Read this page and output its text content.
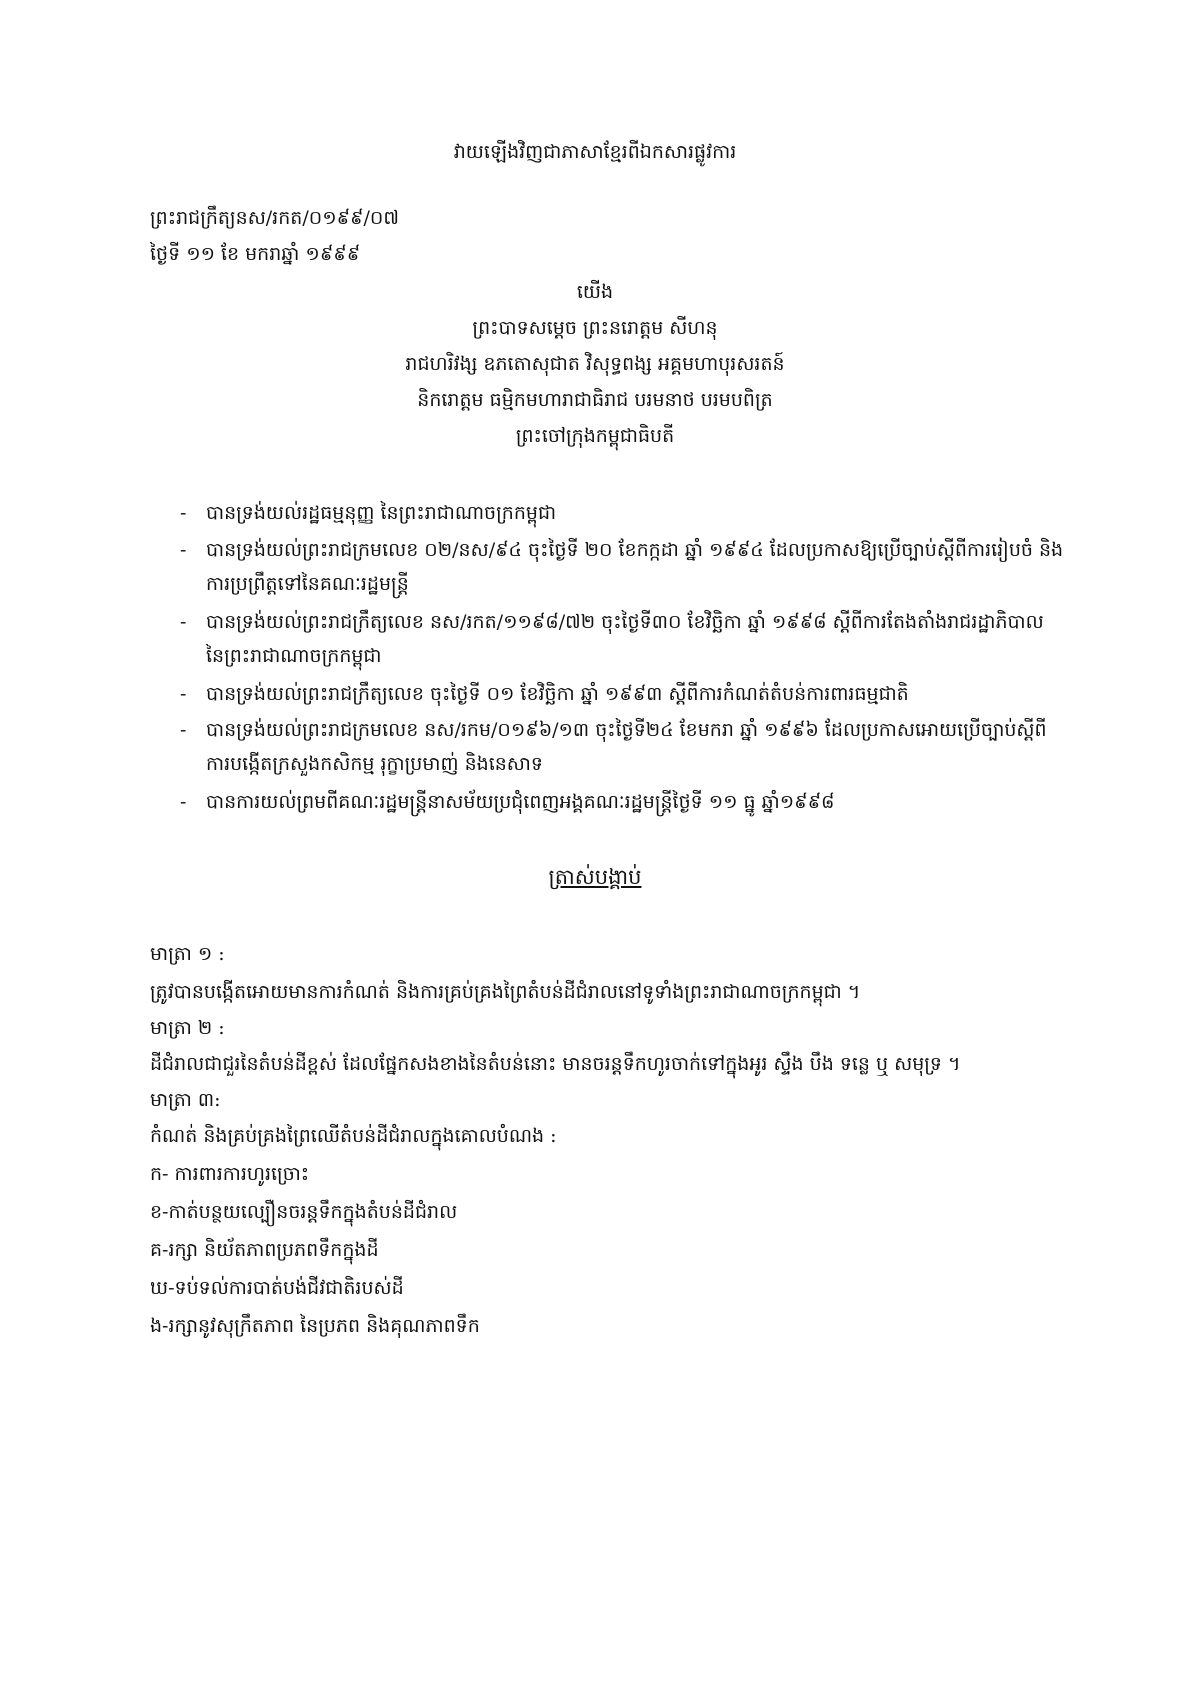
វាយឡើងវិញជាភាសាខ្មែរពីឯកសារផ្លូវការ
ព្រះរាជក្រឹត្យនស/រកត/០១៩៩/០៧
ថ្ងៃទី ១១ ខែ មករាឆ្នាំ ១៩៩៩
យើង
ព្រះបាទសម្តេច ព្រះនរោត្តម សីហនុ
រាជហរិវង្ស ឧភតោសុជាត វិសុទ្ធពង្ស អគ្គមហាបុរសរតន៍
និករោត្តម ធម្មិកមហារាជាធិរាជ បរមនាថ បរមបពិត្រ
ព្រះចៅក្រុងកម្ពុជាធិបតី
- បានទ្រង់យល់រដ្ឋធម្មនុញ្ញ នៃព្រះរាជាណាចក្រកម្ពុជា
- បានទ្រង់យល់ព្រះរាជក្រមលេខ ០២/នស/៩៤ ចុះថ្ងៃទី ២០ ខែកក្កដា ឆ្នាំ ១៩៩៤ ដែលប្រកាសឱ្យប្រើច្បាប់ស្តីពីការរៀបចំ និង
ការប្រព្រឹត្តទៅនៃគណៈរដ្ឋមន្ត្រី
- បានទ្រង់យល់ព្រះរាជក្រឹត្យលេខ នស/រកត/១១៩៨/៧២ ចុះថ្ងៃទី៣០ ខែវិច្ឆិកា ឆ្នាំ ១៩៩៨ ស្តីពីការតែងតាំងរាជរដ្ឋាភិបាល
នៃព្រះរាជាណាចក្រកម្ពុជា
- បានទ្រង់យល់ព្រះរាជក្រឹត្យលេខ ចុះថ្ងៃទី ០១ ខែវិច្ឆិកា ឆ្នាំ ១៩៩៣ ស្តីពីការកំណត់តំបន់ការពារធម្មជាតិ
- បានទ្រង់យល់ព្រះរាជក្រមលេខ នស/រកម/០១៩៦/១៣ ចុះថ្ងៃទី២៤ ខែមករា ឆ្នាំ ១៩៩៦ ដែលប្រកាសអោយប្រើច្បាប់ស្តីពី
ការបង្កើតក្រសួងកសិកម្ម រុក្ខាប្រមាញ់ និងនេសាទ
- បានការយល់ព្រមពីគណៈរដ្ឋមន្ត្រីនាសម័យប្រជុំពេញអង្គគណៈរដ្ឋមន្ត្រីថ្ងៃទី ១១ ធ្នូ ឆ្នាំ១៩៩៨
ត្រាស់បង្គាប់
មាត្រា ១ :
ត្រូវបានបង្កើតអោយមានការកំណត់ និងការគ្រប់គ្រងព្រៃតំបន់ដីជំរាលនៅទូទាំងព្រះរាជាណាចក្រកម្ពុជា ។
មាត្រា ២ :
ដីជំរាលជាជួរនៃតំបន់ដីខ្ពស់ ដែលផ្នែកសងខាងនៃតំបន់នោះ មានចរន្តទឹកហូរចាក់ទៅក្នុងអូរ ស្ទឹង បឹង ទន្លេ ឬ សមុទ្រ ។
មាត្រា ៣:
កំណត់ និងគ្រប់គ្រងព្រៃឈើតំបន់ដីជំរាលក្នុងគោលបំណង :
ក- ការពារការហូរច្រោះ
ខ-កាត់បន្ថយល្បឿនចរន្តទឹកក្នុងតំបន់ដីជំរាល
គ-រក្សា និយ័តភាពប្រភពទឹកក្នុងដី
ឃ-ទប់ទល់ការបាត់បង់ជីវជាតិរបស់ដី
ង-រក្សានូវសុក្រឹតភាព នៃប្រភព និងគុណភាពទឹក
